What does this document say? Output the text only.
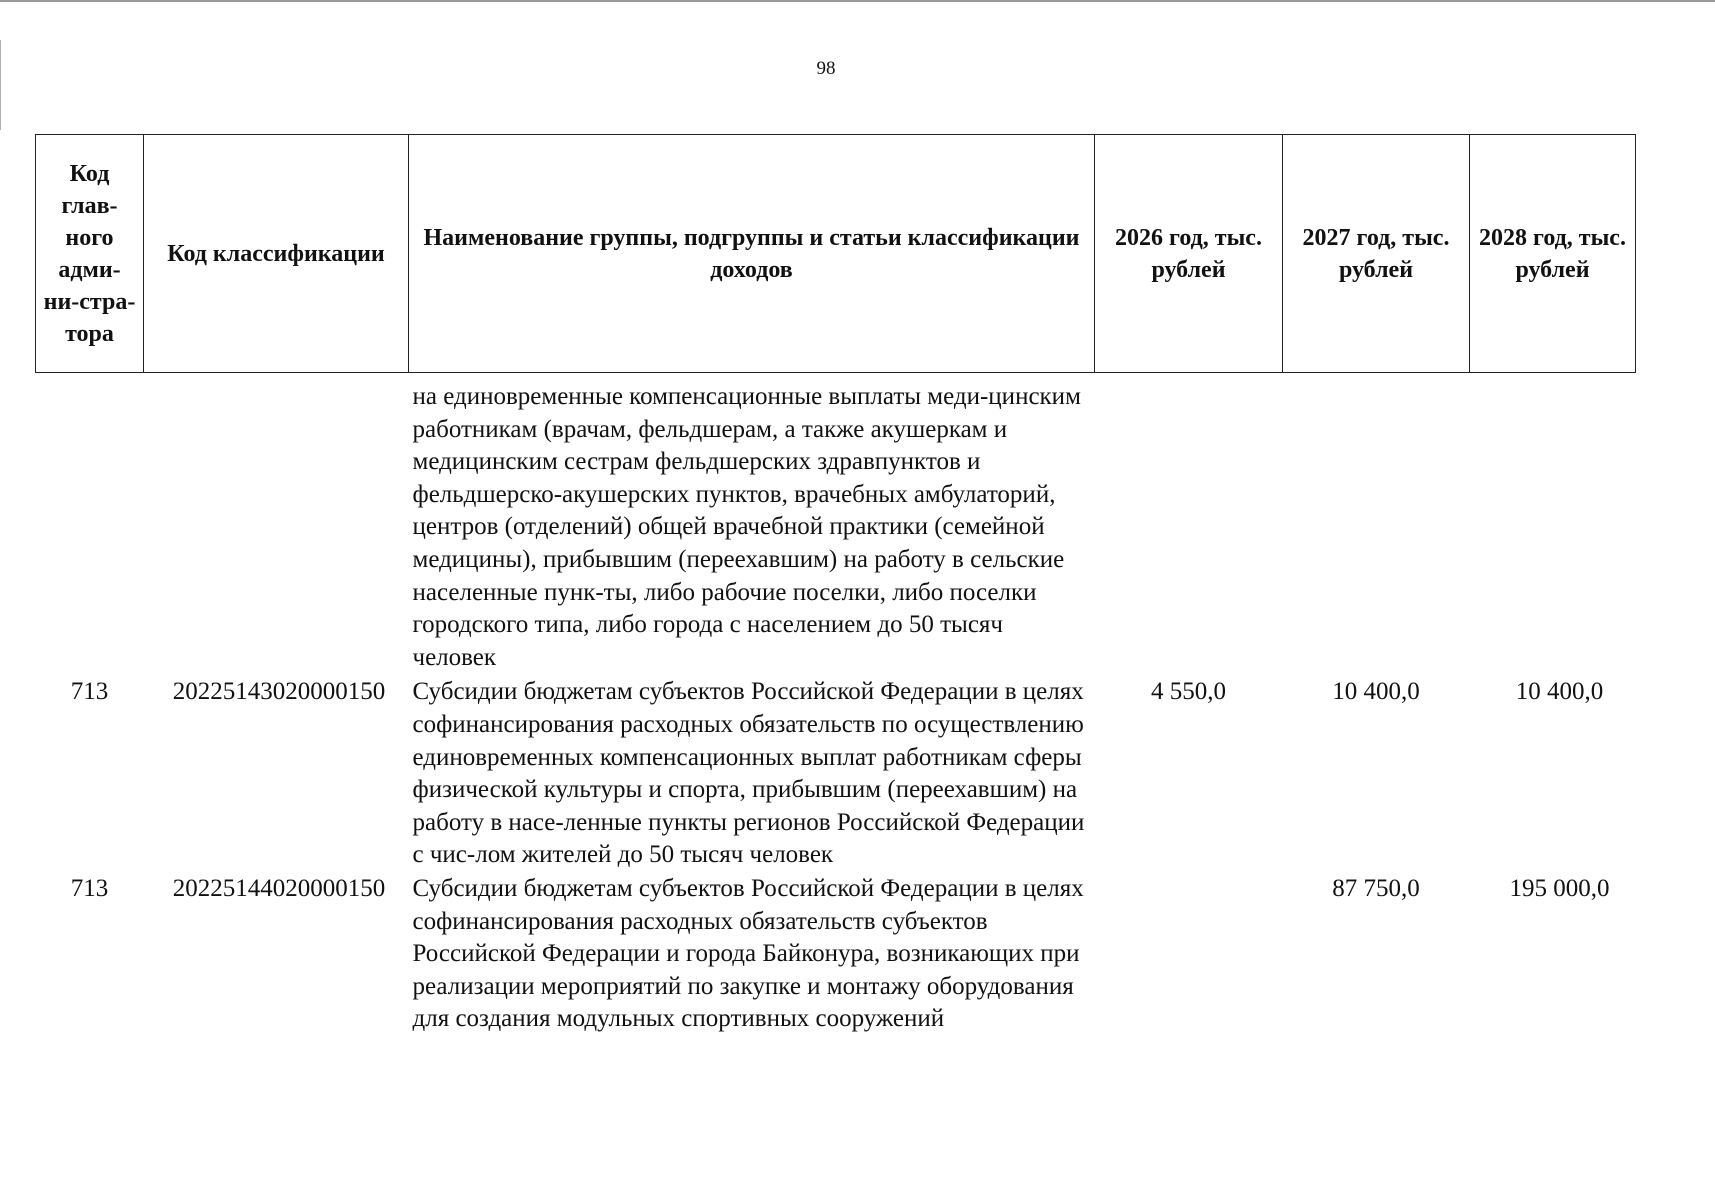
98
Код глав-ного адми-ни-стра-тора	Код классификации	Наименование группы, подгруппы и статьи классификации доходов	2026 год, тыс. рублей	2027 год, тыс. рублей	2028 год, тыс. рублей
		на единовременные компенсационные выплаты меди-цинским работникам (врачам, фельдшерам, а также акушеркам и медицинским сестрам фельдшерских здравпунктов и фельдшерско-акушерских пунктов, врачебных амбулаторий, центров (отделений) общей врачебной практики (семейной медицины), прибывшим (переехавшим) на работу в сельские населенные пунк-ты, либо рабочие поселки, либо поселки городского типа, либо города с населением до 50 тысяч человек			
713	20225143020000150	Субсидии бюджетам субъектов Российской Федерации в целях софинансирования расходных обязательств по осуществлению единовременных компенсационных выплат работникам сферы физической культуры и спорта, прибывшим (переехавшим) на работу в насе-ленные пункты регионов Российской Федерации с чис-лом жителей до 50 тысяч человек	4 550,0	10 400,0	10 400,0
713	20225144020000150	Субсидии бюджетам субъектов Российской Федерации в целях софинансирования расходных обязательств субъектов Российской Федерации и города Байконура, возникающих при реализации мероприятий по закупке и монтажу оборудования для создания модульных спортивных сооружений		87 750,0	195 000,0
